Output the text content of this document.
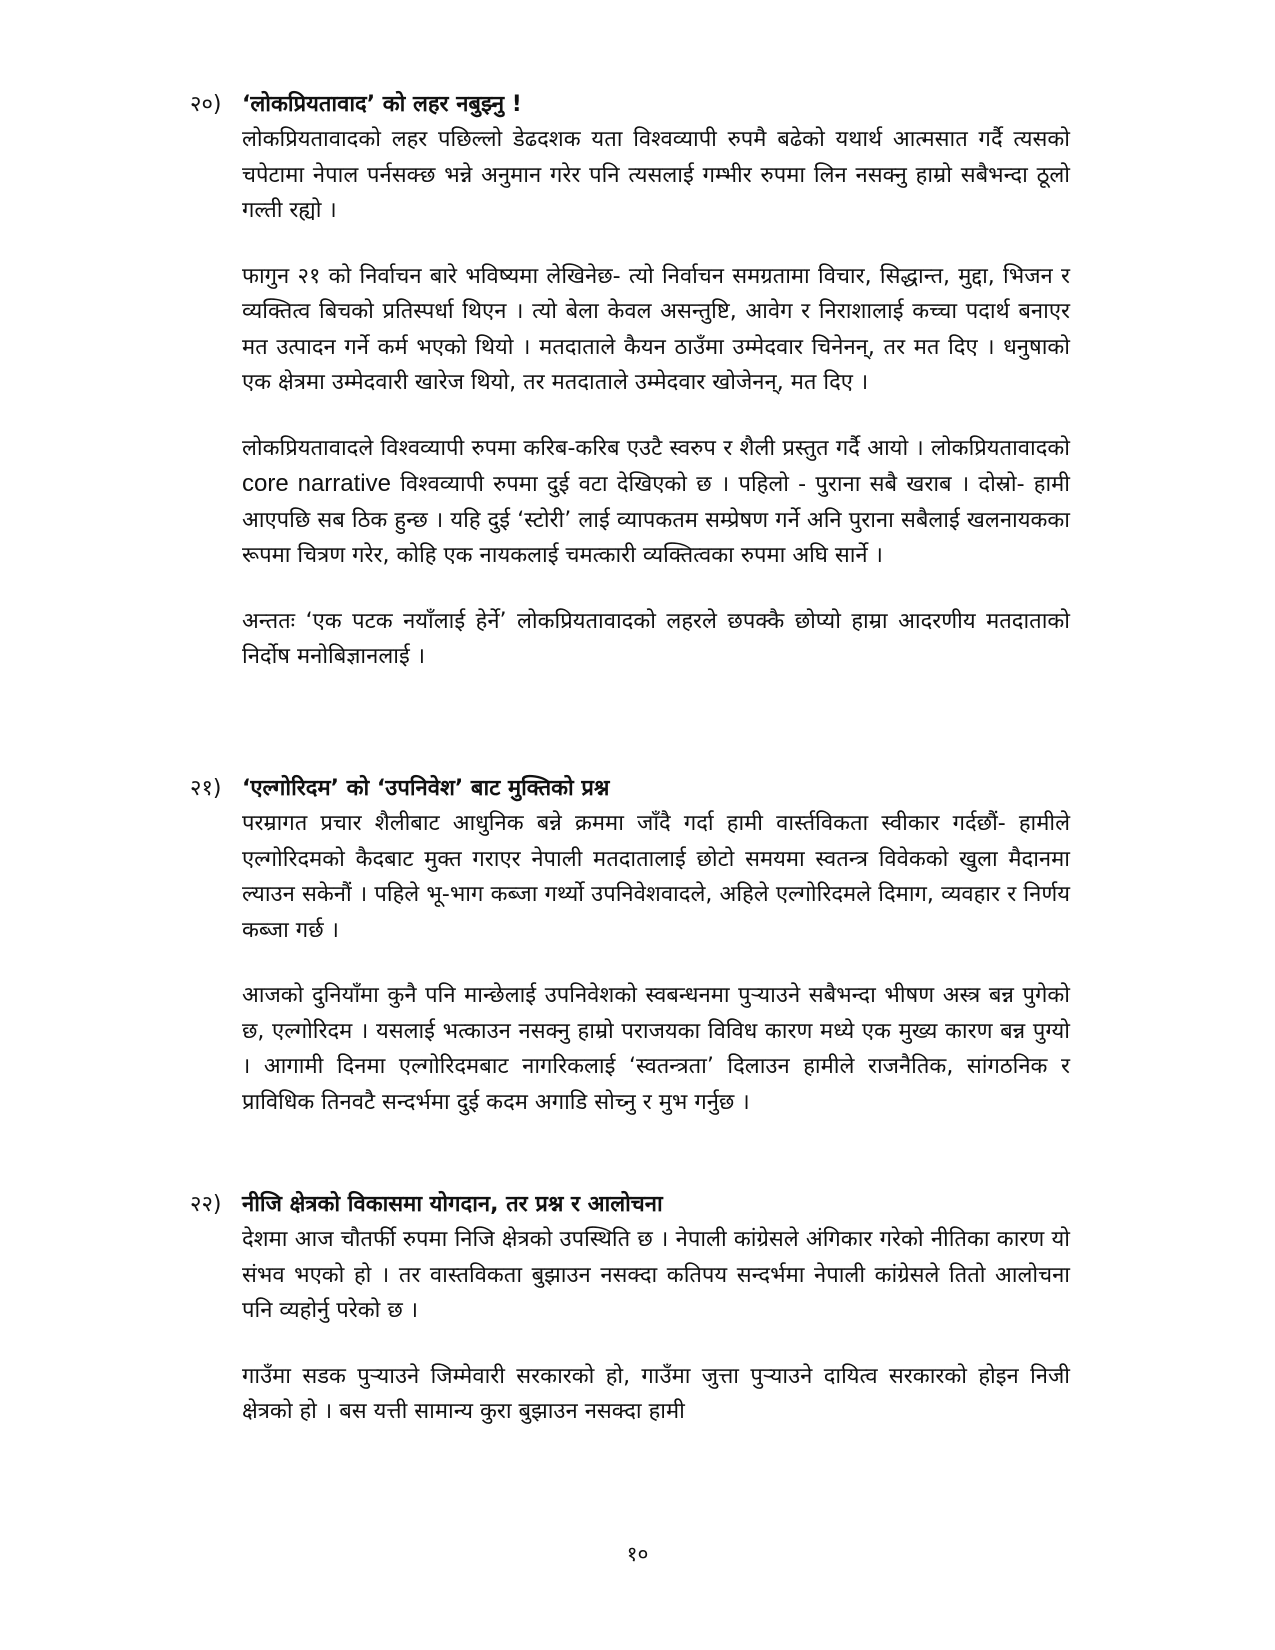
२०) ‘लोकप्रियतावाद’ को लहर नबुझ्नु !
लोकप्रियतावादको लहर पछिल्लो डेढदशक यता विश्वव्यापी रुपमै बढेको यथार्थ आत्मसात गर्दै त्यसको चपेटामा नेपाल पर्नसक्छ भन्ने अनुमान गरेर पनि त्यसलाई गम्भीर रुपमा लिन नसक्नु हाम्रो सबैभन्दा ठूलो गल्ती रह्यो ।
फागुन २१ को निर्वाचन बारे भविष्यमा लेखिनेछ- त्यो निर्वाचन समग्रतामा विचार, सिद्धान्त, मुद्दा, भिजन र व्यक्तित्व बिचको प्रतिस्पर्धा थिएन । त्यो बेला केवल असन्तुष्टि, आवेग र निराशालाई कच्चा पदार्थ बनाएर मत उत्पादन गर्ने कर्म भएको थियो । मतदाताले कैयन ठाउँमा उम्मेदवार चिनेनन्, तर मत दिए । धनुषाको एक क्षेत्रमा उम्मेदवारी खारेज थियो, तर मतदाताले उम्मेदवार खोजेनन्, मत दिए ।
लोकप्रियतावादले विश्वव्यापी रुपमा करिब-करिब एउटै स्वरुप र शैली प्रस्तुत गर्दै आयो । लोकप्रियतावादको core narrative विश्वव्यापी रुपमा दुई वटा देखिएको छ । पहिलो - पुराना सबै खराब । दोस्रो- हामी आएपछि सब ठिक हुन्छ । यहि दुई ‘स्टोरी’ लाई व्यापकतम सम्प्रेषण गर्ने अनि पुराना सबैलाई खलनायकका रूपमा चित्रण गरेर, कोहि एक नायकलाई चमत्कारी व्यक्तित्वका रुपमा अघि सार्ने ।
अन्ततः ‘एक पटक नयाँलाई हेर्ने’ लोकप्रियतावादको लहरले छपक्कै छोप्यो हाम्रा आदरणीय मतदाताको निर्दोष मनोबिज्ञानलाई ।
२१) ‘एल्गोरिदम’ को ‘उपनिवेश’ बाट मुक्तिको प्रश्न
परम्रागत प्रचार शैलीबाट आधुनिक बन्ने क्रममा जाँदै गर्दा हामी वार्स्तविकता स्वीकार गर्दछौं- हामीले एल्गोरिदमको कैदबाट मुक्त गराएर नेपाली मतदातालाई छोटो समयमा स्वतन्त्र विवेकको खुला मैदानमा ल्याउन सकेनौं । पहिले भू-भाग कब्जा गर्थ्यो उपनिवेशवादले, अहिले एल्गोरिदमले दिमाग, व्यवहार र निर्णय कब्जा गर्छ ।
आजको दुनियाँमा कुनै पनि मान्छेलाई उपनिवेशको स्वबन्धनमा पुर्‍याउने सबैभन्दा भीषण अस्त्र बन्न पुगेको छ, एल्गोरिदम । यसलाई भत्काउन नसक्नु हाम्रो पराजयका विविध कारण मध्ये एक मुख्य कारण बन्न पुग्यो । आगामी दिनमा एल्गोरिदमबाट नागरिकलाई ‘स्वतन्त्रता’ दिलाउन हामीले राजनैतिक, सांगठनिक र प्राविधिक तिनवटै सन्दर्भमा दुई कदम अगाडि सोच्नु र मुभ गर्नुछ ।
२२) नीजि क्षेत्रको विकासमा योगदान, तर प्रश्न र आलोचना
देशमा आज चौतर्फी रुपमा निजि क्षेत्रको उपस्थिति छ । नेपाली कांग्रेसले अंगिकार गरेको नीतिका कारण यो संभव भएको हो । तर वास्तविकता बुझाउन नसक्दा कतिपय सन्दर्भमा नेपाली कांग्रेसले तितो आलोचना पनि व्यहोर्नु परेको छ ।
गाउँमा सडक पुर्‍याउने जिम्मेवारी सरकारको हो, गाउँमा जुत्ता पुर्‍याउने दायित्व सरकारको होइन निजी क्षेत्रको हो । बस यत्ती सामान्य कुरा बुझाउन नसक्दा हामी
१०
